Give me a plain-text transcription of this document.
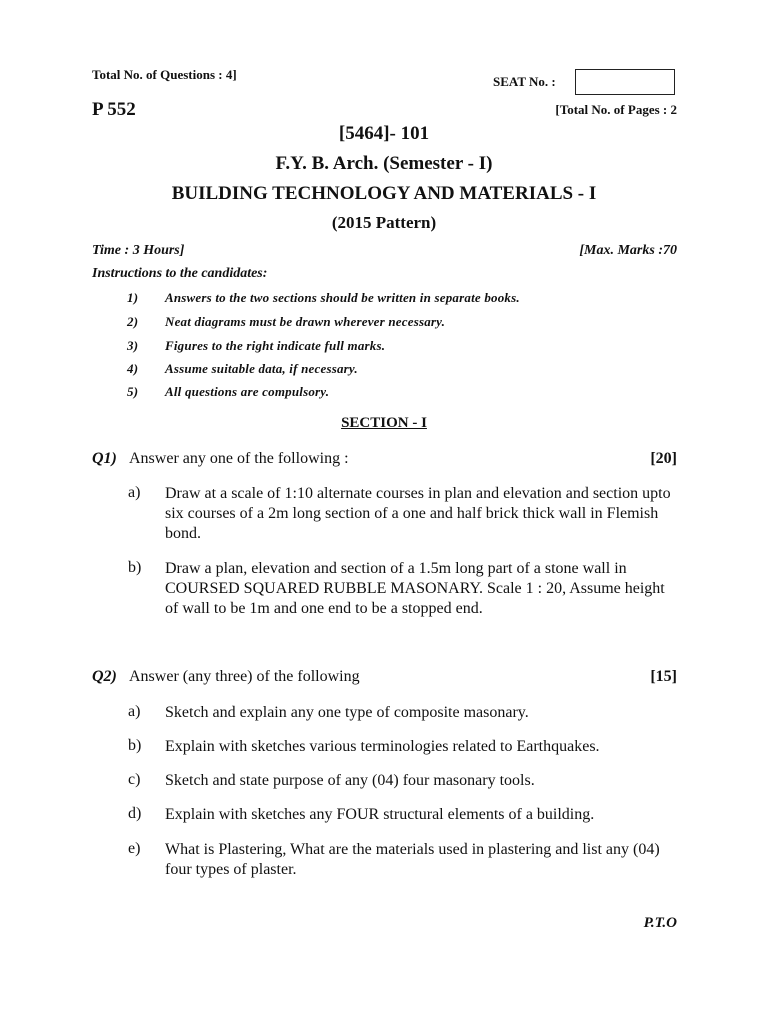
Total No. of Questions : 4]	SEAT No. :
P 552	[Total No. of Pages : 2
[5464]- 101
F.Y. B. Arch. (Semester - I)
BUILDING TECHNOLOGY AND MATERIALS - I
(2015 Pattern)
Time : 3 Hours]	[Max. Marks :70
Instructions to the candidates:
1)	Answers to the two sections should be written in separate books.
2)	Neat diagrams must be drawn wherever necessary.
3)	Figures to the right indicate full marks.
4)	Assume suitable data, if necessary.
5)	All questions are compulsory.
SECTION - I
Q1) Answer any one of the following :	[20]
a) Draw at a scale of 1:10 alternate courses in plan and elevation and section upto six courses of a 2m long section of a one and half brick thick wall in Flemish bond.
b) Draw a plan, elevation and section of a 1.5m long part of a stone wall in COURSED SQUARED RUBBLE MASONARY. Scale 1 : 20, Assume height of wall to be 1m and one end to be a stopped end.
Q2) Answer (any three) of the following	[15]
a) Sketch and explain any one type of composite masonary.
b) Explain with sketches various terminologies related to Earthquakes.
c) Sketch and state purpose of any (04) four masonary tools.
d) Explain with sketches any FOUR structural elements of a building.
e) What is Plastering, What are the materials used in plastering and list any (04) four types of plaster.
P.T.O
